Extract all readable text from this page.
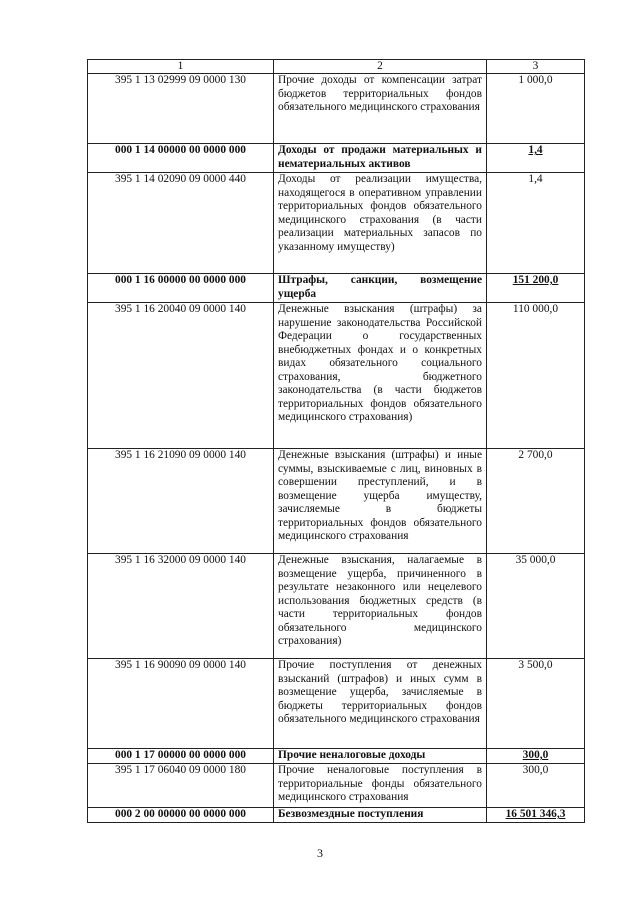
1	2	3
395 1 13 02999 09 0000 130	Прочие доходы от компенсации затрат бюджетов территориальных фондов обязательного медицинского страхования	1 000,0
000 1 14 00000 00 0000 000	Доходы от продажи материальных и нематериальных активов	1,4
395 1 14 02090 09 0000 440	Доходы от реализации имущества, находящегося в оперативном управлении территориальных фондов обязательного медицинского страхования (в части реализации материальных запасов по указанному имуществу)	1,4
000 1 16 00000 00 0000 000	Штрафы, санкции, возмещение ущерба	151 200,0
395 1 16 20040 09 0000 140	Денежные взыскания (штрафы) за нарушение законодательства Российской Федерации о государственных внебюджетных фондах и о конкретных видах обязательного социального страхования, бюджетного законодательства (в части бюджетов территориальных фондов обязательного медицинского страхования)	110 000,0
395 1 16 21090 09 0000 140	Денежные взыскания (штрафы) и иные суммы, взыскиваемые с лиц, виновных в совершении преступлений, и в возмещение ущерба имуществу, зачисляемые в бюджеты территориальных фондов обязательного медицинского страхования	2 700,0
395 1 16 32000 09 0000 140	Денежные взыскания, налагаемые в возмещение ущерба, причиненного в результате незаконного или нецелевого использования бюджетных средств (в части территориальных фондов обязательного медицинского страхования)	35 000,0
395 1 16 90090 09 0000 140	Прочие поступления от денежных взысканий (штрафов) и иных сумм в возмещение ущерба, зачисляемые в бюджеты территориальных фондов обязательного медицинского страхования	3 500,0
000 1 17 00000 00 0000 000	Прочие неналоговые доходы	300,0
395 1 17 06040 09 0000 180	Прочие неналоговые поступления в территориальные фонды обязательного медицинского страхования	300,0
000 2 00 00000 00 0000 000	Безвозмездные поступления	16 501 346,3
3
